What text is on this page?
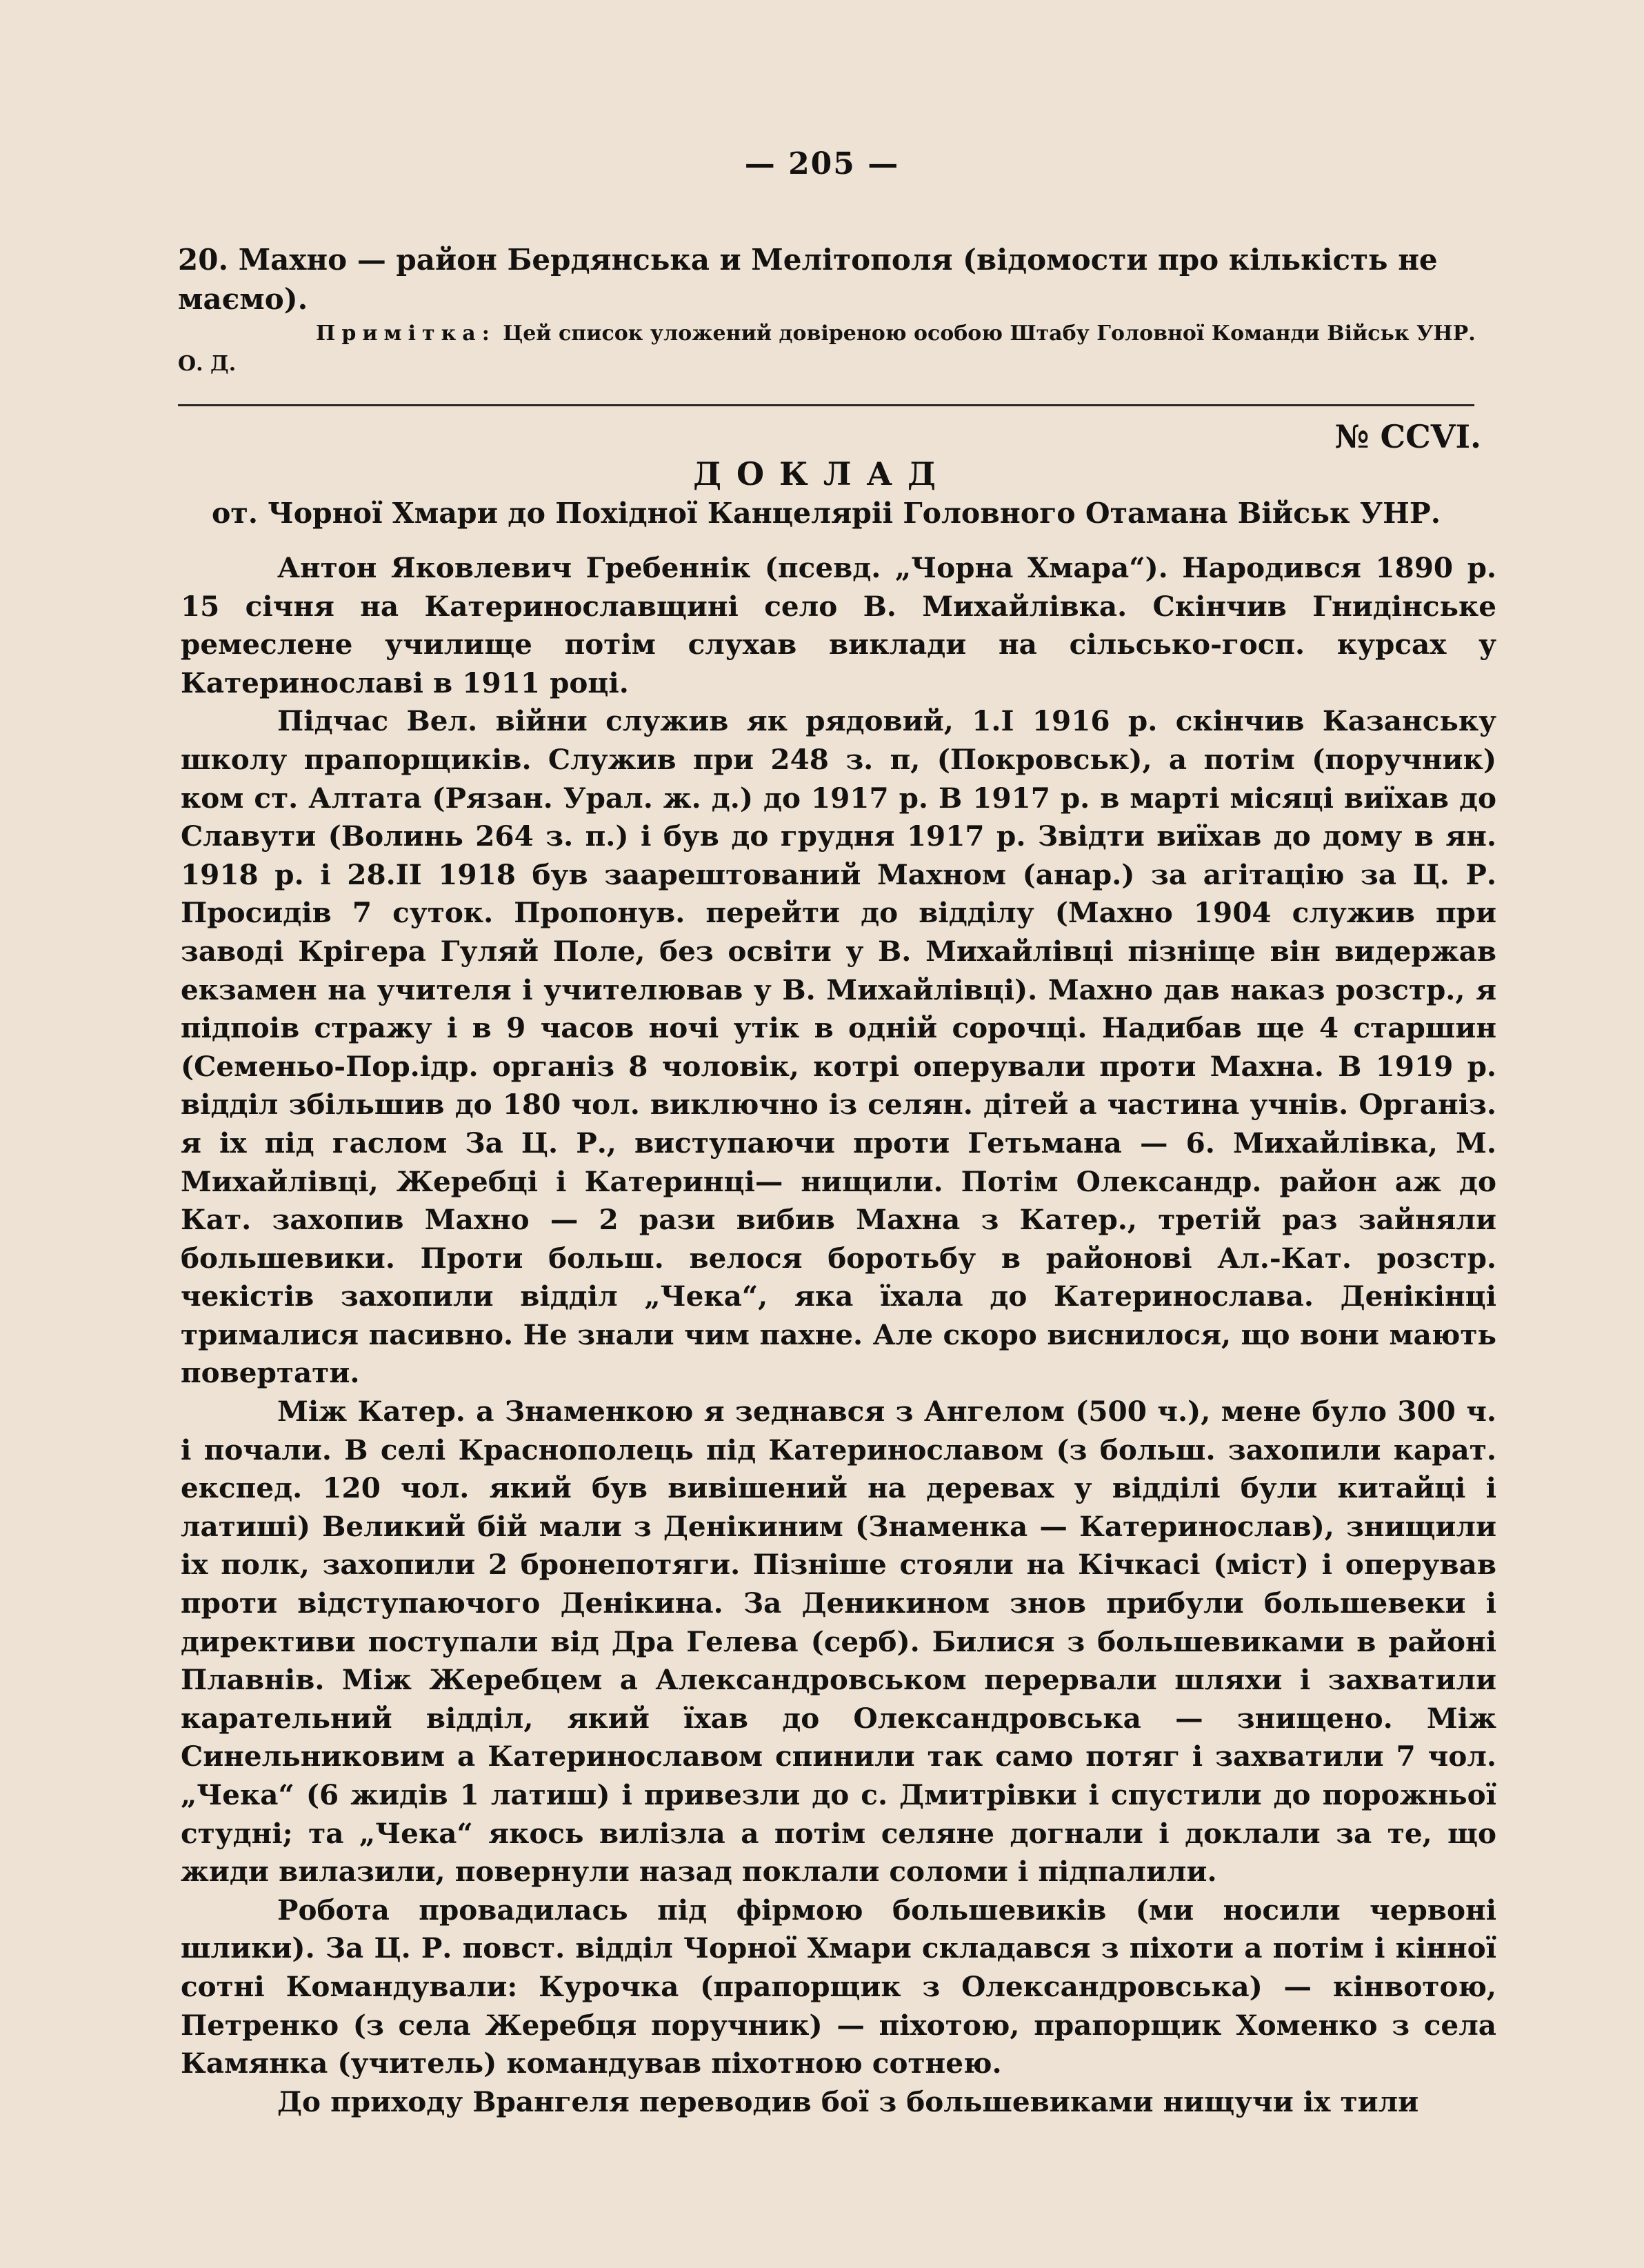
— 205 —
20. Махно — район Бердянська и Мелітополя (відомости про кількість не маємо).
Примітка: Цей список уложений довіреною особою Штабу Головної Команди Військ УНР. О. Д.
№ CCVI.
ДОКЛАД
от. Чорної Хмари до Похідної Канцеляріі Головного Отамана Військ УНР.

Антон Яковлевич Гребеннік (псевд. „Чорна Хмара“). Народився 1890 р. 15 січня на Катеринославщині село В. Михайлівка. Скінчив Гнидінське ремеслене училище потім слухав виклади на сільсько-госп. курсах у Катеринославі в 1911 році.

Підчас Вел. війни служив як рядовий, 1.І 1916 р. скінчив Казанську школу прапорщиків. Служив при 248 з. п, (Покровськ), а потім (поручник) ком ст. Алтата (Рязан. Урал. ж. д.) до 1917 р. В 1917 р. в марті місяці виїхав до Славути (Волинь 264 з. п.) і був до грудня 1917 р. Звідти виїхав до дому в ян. 1918 р. і 28.ІІ 1918 був заарештований Махном (анар.) за агітацію за Ц. Р. Просидів 7 суток. Пропонув. перейти до відділу (Махно 1904 служив при заводі Крігера Гуляй Поле, без освіти у В. Михайлівці пізніще він видержав екзамен на учителя і учителював у В. Михайлівці). Махно дав наказ розстр., я підпоів стражу і в 9 часов ночі утік в одній сорочці. Надибав ще 4 старшин (Семеньо-Пор.ідр. організ 8 чоловік, котрі оперували проти Махна. В 1919 р. відділ збільшив до 180 чол. виключно із селян. дітей а частина учнів. Організ. я іх під гаслом За Ц. Р., виступаючи проти Гетьмана — 6. Михайлівка, М. Михайлівці, Жеребці і Катеринці— нищили. Потім Олександр. район аж до Кат. захопив Махно — 2 рази вибив Махна з Катер., третій раз зайняли большевики. Проти больш. велося боротьбу в районові Ал.-Кат. розстр. чекістів захопили відділ „Чека“, яка їхала до Катеринослава. Денікінці трималися пасивно. Не знали чим пахне. Але скоро виснилося, що вони мають повертати.

Між Катер. а Знаменкою я зеднався з Ангелом (500 ч.), мене було 300 ч. і почали. В селі Краснополець під Катеринославом (з больш. захопили карат. експед. 120 чол. який був вивішений на деревах у відділі були китайці і латиші) Великий бій мали з Денікиним (Знаменка — Катеринослав), знищили іх полк, захопили 2 бронепотяги. Пізніше стояли на Кічкасі (міст) і оперував проти відступаючого Денікина. За Деникином знов прибули большевеки і директиви поступали від Дра Гелева (серб). Билися з большевиками в районі Плавнів. Між Жеребцем а Александровськом перервали шляхи і захватили карательний відділ, який їхав до Олександровська — знищено. Між Синельниковим а Катеринославом спинили так само потяг і захватили 7 чол. „Чека“ (6 жидів 1 латиш) і привезли до с. Дмитрівки і спустили до порожньої студні; та „Чека“ якось вилізла а потім селяне догнали і доклали за те, що жиди вилазили, повернули назад поклали соломи і підпалили.

Робота провадилась під фірмою большевиків (ми носили червоні шлики). За Ц. Р. повст. відділ Чорної Хмари складався з піхоти а потім і кінної сотні Командували: Курочка (прапорщик з Олександровська) — кінвотою, Петренко (з села Жеребця поручник) — піхотою, прапорщик Хоменко з села Камянка (учитель) командував піхотною сотнею.

До приходу Врангеля переводив бої з большевиками нищучи іх тили
